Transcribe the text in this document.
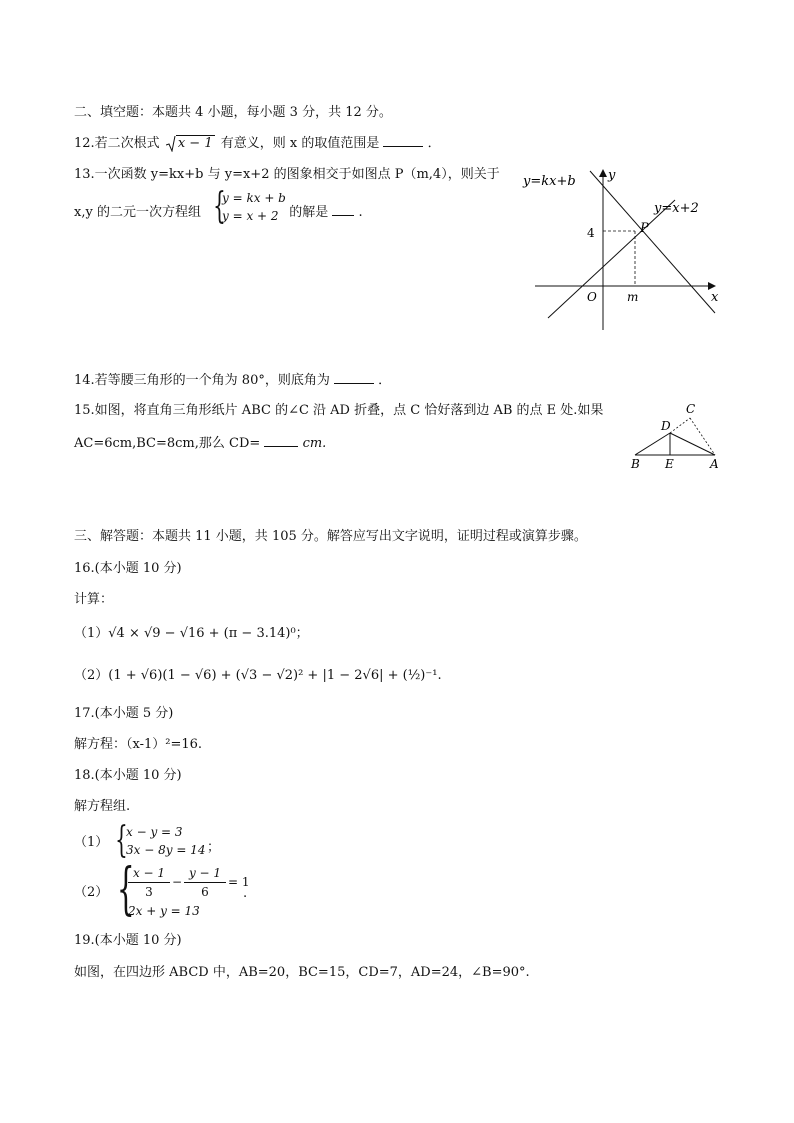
二、填空题：本题共 4 小题，每小题 3 分，共 12 分。
12.若二次根式 x − 1 有意义，则 x 的取值范围是	．
13.一次函数 y=kx+b 与 y=x+2 的图象相交于如图点 P（m,4），则关于
x,y 的二元一次方程组	的解是 .
{
y = kx + b
y = x + 2
y=kx+b
y=x+2
y
x
O
P
4
m
14.若等腰三角形的一个角为 80°，则底角为	．
15.如图，将直角三角形纸片 ABC 的∠C 沿 AD 折叠，点 C 恰好落到边 AB 的点 E 处.如果
AC=6cm,BC=8cm,那么 CD=	cm.
B E	A
D
C
三、解答题：本题共 11 小题，共 105 分。解答应写出文字说明，证明过程或演算步骤。
16.(本小题 10 分)
计算：
（1）√4 × √9 − √16 + (π − 3.14)⁰；
（2）(1 + √6)(1 − √6) + (√3 − √2)² + |1 − 2√6| + (½)⁻¹.
17.(本小题 5 分)
解方程：（x-1）²=16.
18.(本小题 10 分)
解方程组.
（1） {
x − y = 3
3x − 8y = 14 ；
（2） {
x − 1
3
−
y − 1
6
= 1
2x + y = 13
.
19.(本小题 10 分)
如图，在四边形 ABCD 中，AB=20，BC=15，CD=7，AD=24，∠B=90°.
